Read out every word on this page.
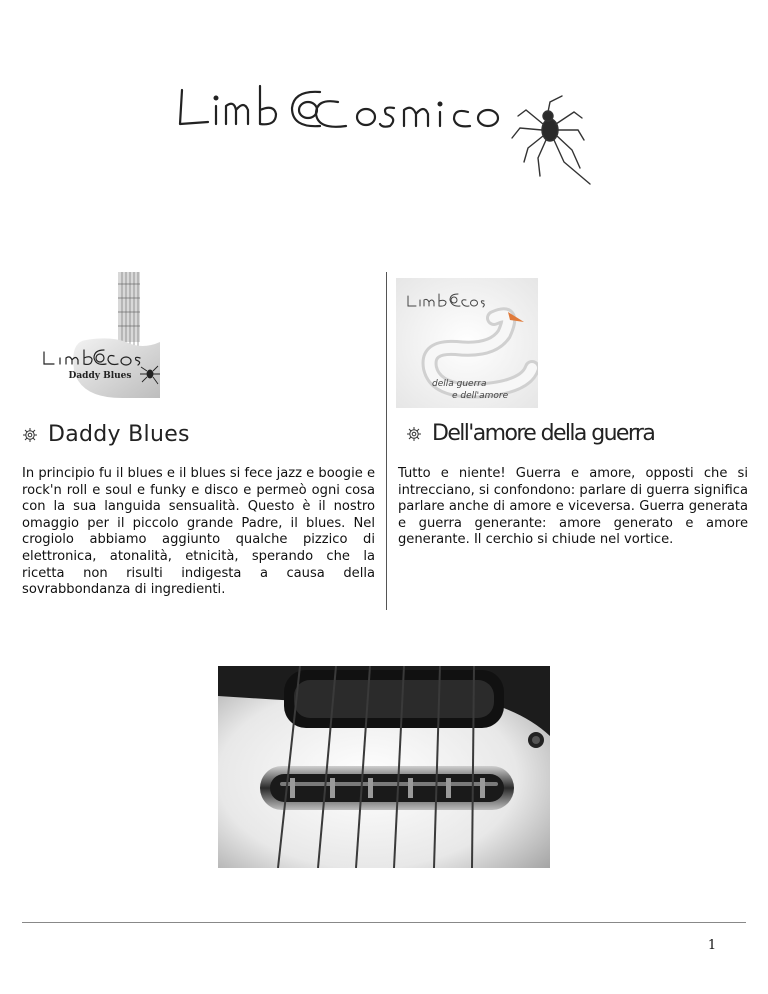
Daddy Blues
della guerra
e dell'amore
Daddy Blues	Dell'amore della guerra

In principio fu il blues e il blues si fece jazz e boogie e rock'n roll e soul e funky e disco e permeò ogni cosa con la sua languida sensualità. Questo è il nostro omaggio per il piccolo grande Padre, il blues. Nel crogiolo abbiamo aggiunto qualche pizzico di elettronica, atonalità, etnicità, sperando che la ricetta non risulti indigesta a causa della sovrabbondanza di ingredienti.

Tutto e niente! Guerra e amore, opposti che si intrecciano, si confondono: parlare di guerra significa parlare anche di amore e viceversa. Guerra generata e guerra generante: amore generato e amore generante. Il cerchio si chiude nel vortice.

1
